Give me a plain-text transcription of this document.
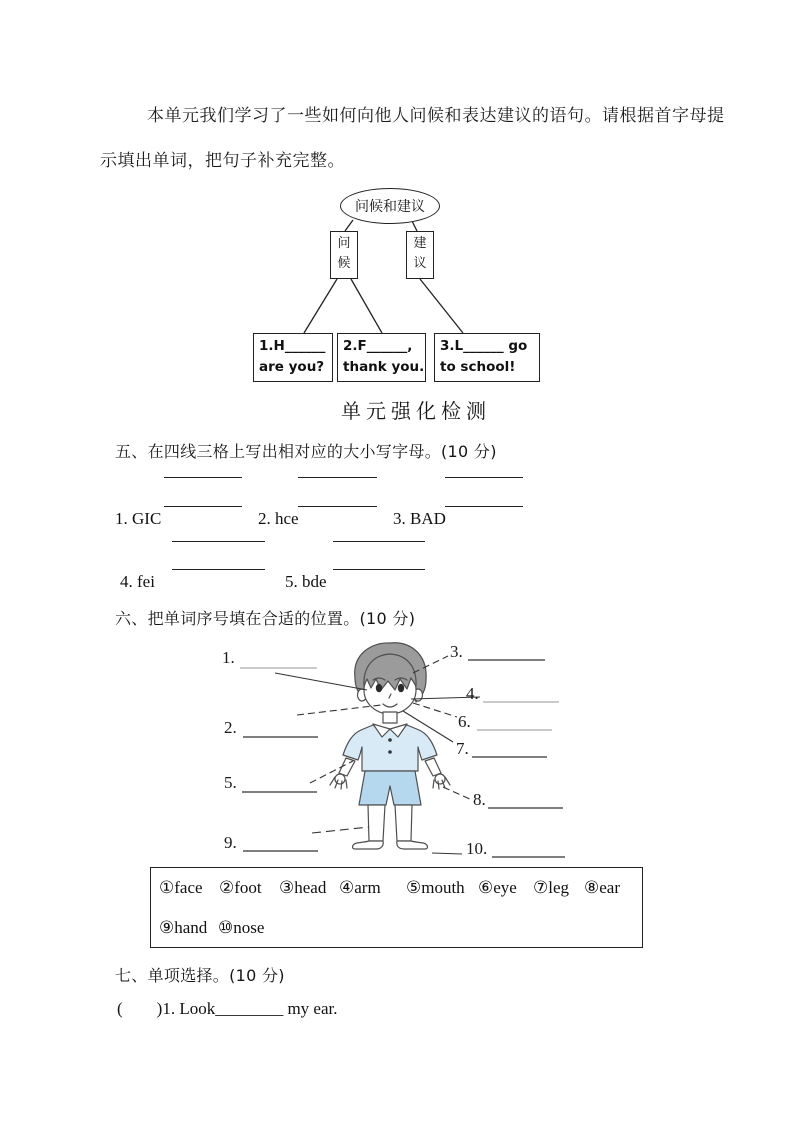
本单元我们学习了一些如何向他人问候和表达建议的语句。请根据首字母提
示填出单词，把句子补充完整。
问候和建议
问候
建议
1.H______
are you?
2.F______,
thank you.
3.L______ go
to school!
单元强化检测
五、在四线三格上写出相对应的大小写字母。(10 分)
1. GIC	2. hce	3. BAD
4. fei	5. bde
六、把单词序号填在合适的位置。(10 分)
1.
2.
3.
4.
5.
6.
7.
8.
9.	10.
①face ②foot ③head ④arm ⑤mouth ⑥eye ⑦leg ⑧ear
⑨hand ⑩nose
七、单项选择。(10 分)
(        )1. Look________ my ear.
